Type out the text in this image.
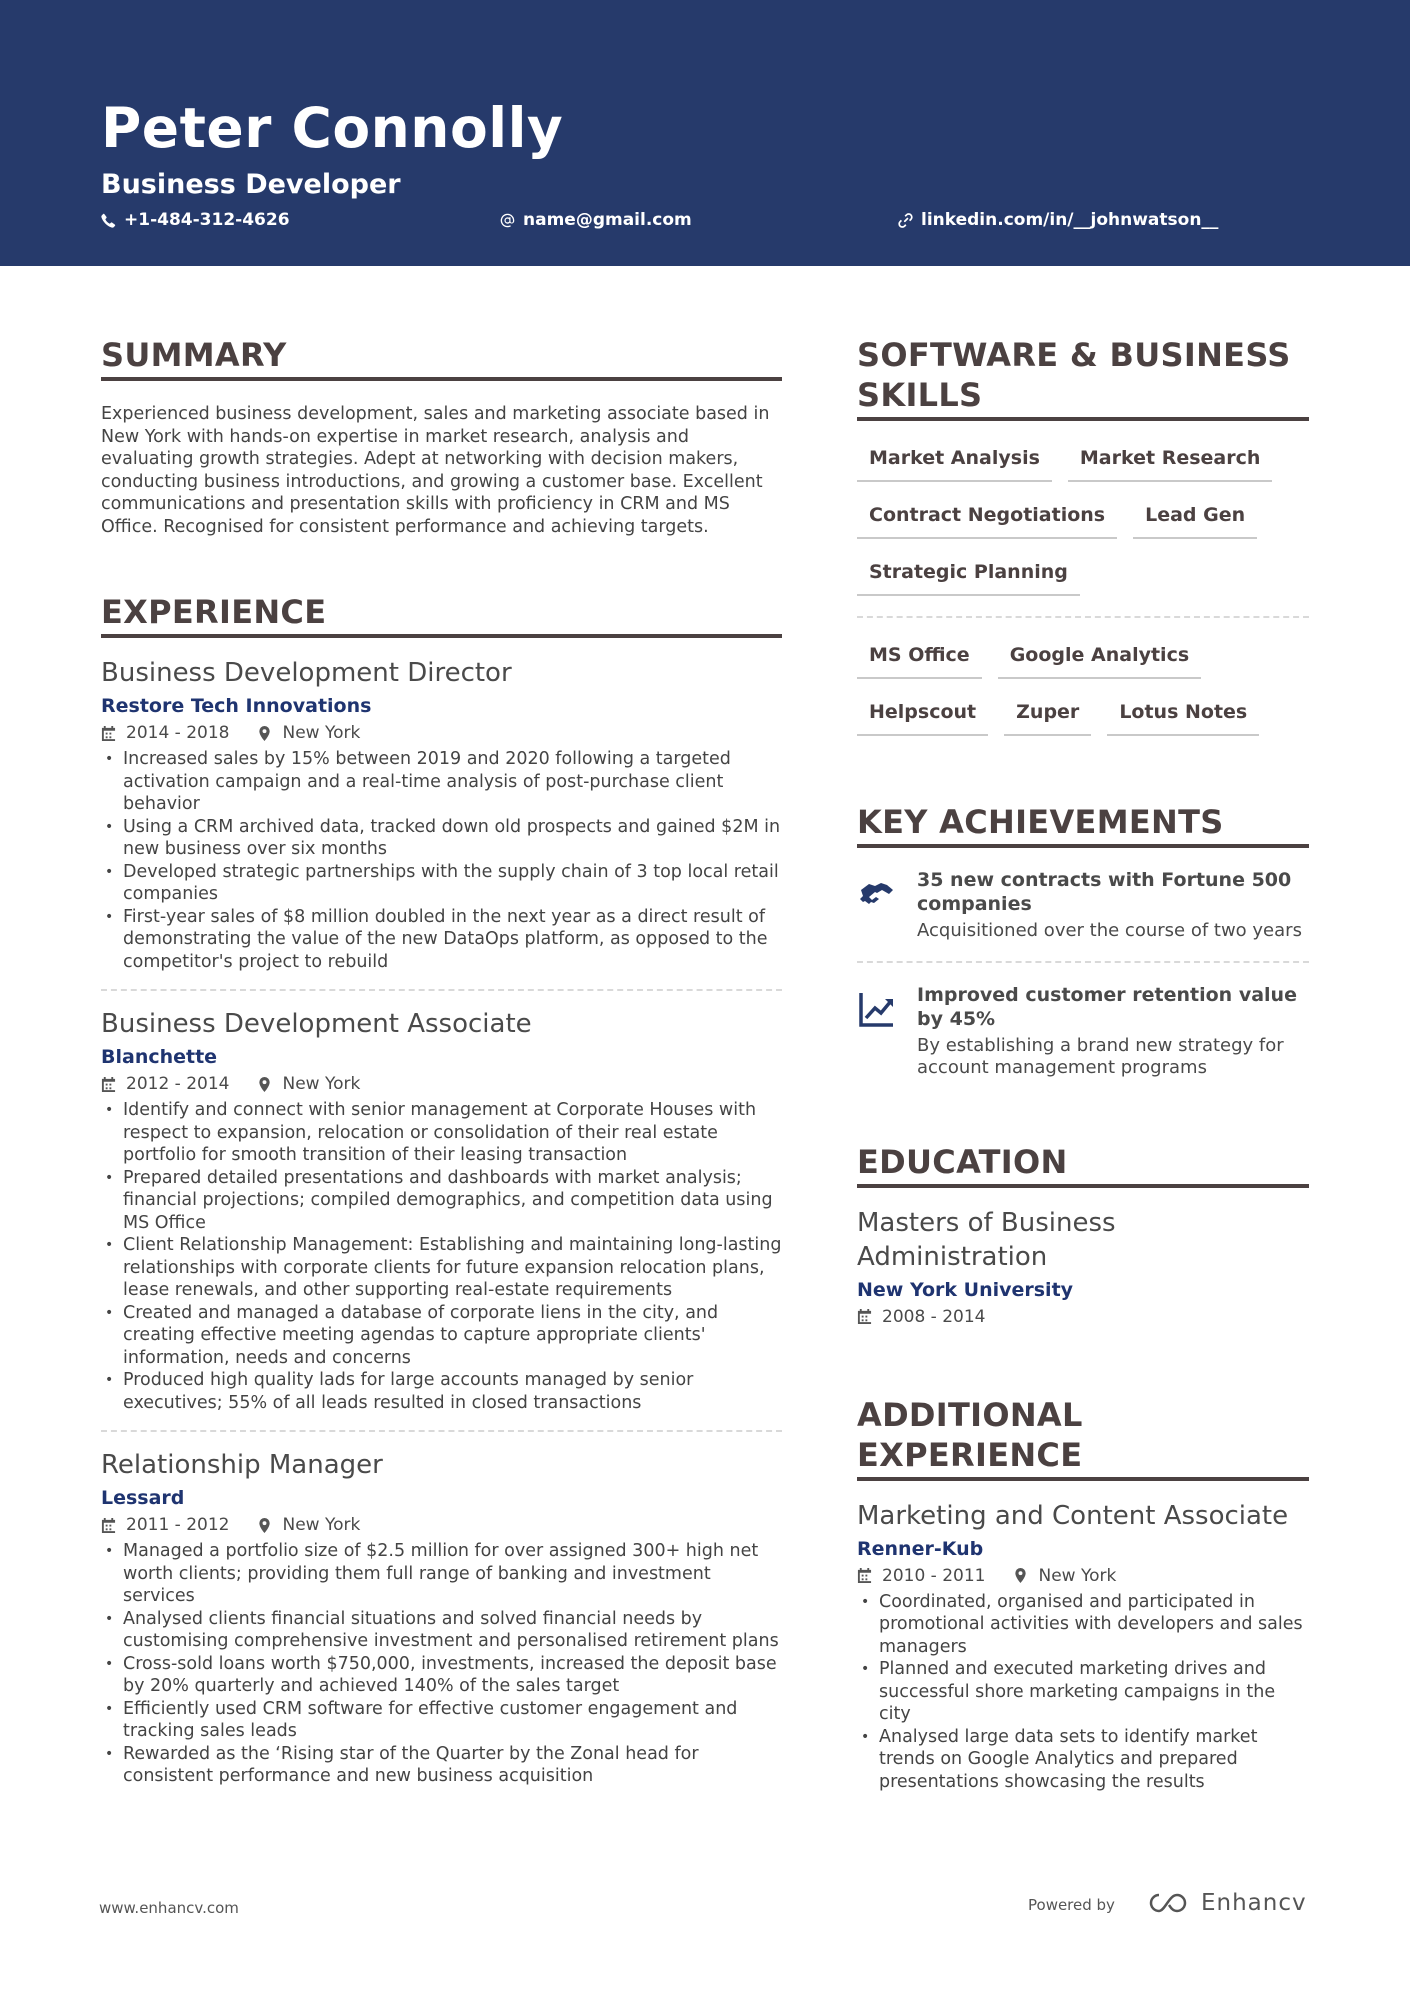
Peter Connolly
Business Developer
+1-484-312-4626	name@gmail.com	linkedin.com/in/__johnwatson__
SUMMARY

Experienced business development, sales and marketing associate based in New York with hands-on expertise in market research, analysis and evaluating growth strategies. Adept at networking with decision makers, conducting business introductions, and growing a customer base. Excellent communications and presentation skills with proficiency in CRM and MS Office. Recognised for consistent performance and achieving targets.

EXPERIENCE
Business Development Director
Restore Tech Innovations
2014 - 2018	New York
• Increased sales by 15% between 2019 and 2020 following a targeted activation campaign and a real-time analysis of post-purchase client behavior
• Using a CRM archived data, tracked down old prospects and gained $2M in new business over six months
• Developed strategic partnerships with the supply chain of 3 top local retail companies
• First-year sales of $8 million doubled in the next year as a direct result of demonstrating the value of the new DataOps platform, as opposed to the competitor's project to rebuild
Business Development Associate
Blanchette
2012 - 2014	New York
• Identify and connect with senior management at Corporate Houses with respect to expansion, relocation or consolidation of their real estate portfolio for smooth transition of their leasing transaction
• Prepared detailed presentations and dashboards with market analysis; financial projections; compiled demographics, and competition data using MS Office
• Client Relationship Management: Establishing and maintaining long-lasting relationships with corporate clients for future expansion relocation plans, lease renewals, and other supporting real-estate requirements
• Created and managed a database of corporate liens in the city, and creating effective meeting agendas to capture appropriate clients' information, needs and concerns
• Produced high quality lads for large accounts managed by senior executives; 55% of all leads resulted in closed transactions
Relationship Manager
Lessard
2011 - 2012	New York
• Managed a portfolio size of $2.5 million for over assigned 300+ high net worth clients; providing them full range of banking and investment services
• Analysed clients financial situations and solved financial needs by customising comprehensive investment and personalised retirement plans
• Cross-sold loans worth $750,000, investments, increased the deposit base by 20% quarterly and achieved 140% of the sales target
• Efficiently used CRM software for effective customer engagement and tracking sales leads
• Rewarded as the ‘Rising star of the Quarter by the Zonal head for consistent performance and new business acquisition
SOFTWARE & BUSINESS SKILLS
Market Analysis	Market Research
Contract Negotiations	Lead Gen
Strategic Planning
MS Office	Google Analytics
Helpscout	Zuper	Lotus Notes
KEY ACHIEVEMENTS
35 new contracts with Fortune 500 companies
Acquisitioned over the course of two years
Improved customer retention value by 45%
By establishing a brand new strategy for account management programs
EDUCATION
Masters of Business Administration
New York University
2008 - 2014
ADDITIONAL EXPERIENCE
Marketing and Content Associate
Renner-Kub
2010 - 2011	New York
• Coordinated, organised and participated in promotional activities with developers and sales managers
• Planned and executed marketing drives and successful shore marketing campaigns in the city
• Analysed large data sets to identify market trends on Google Analytics and prepared presentations showcasing the results
www.enhancv.com	Powered by	Enhancv
